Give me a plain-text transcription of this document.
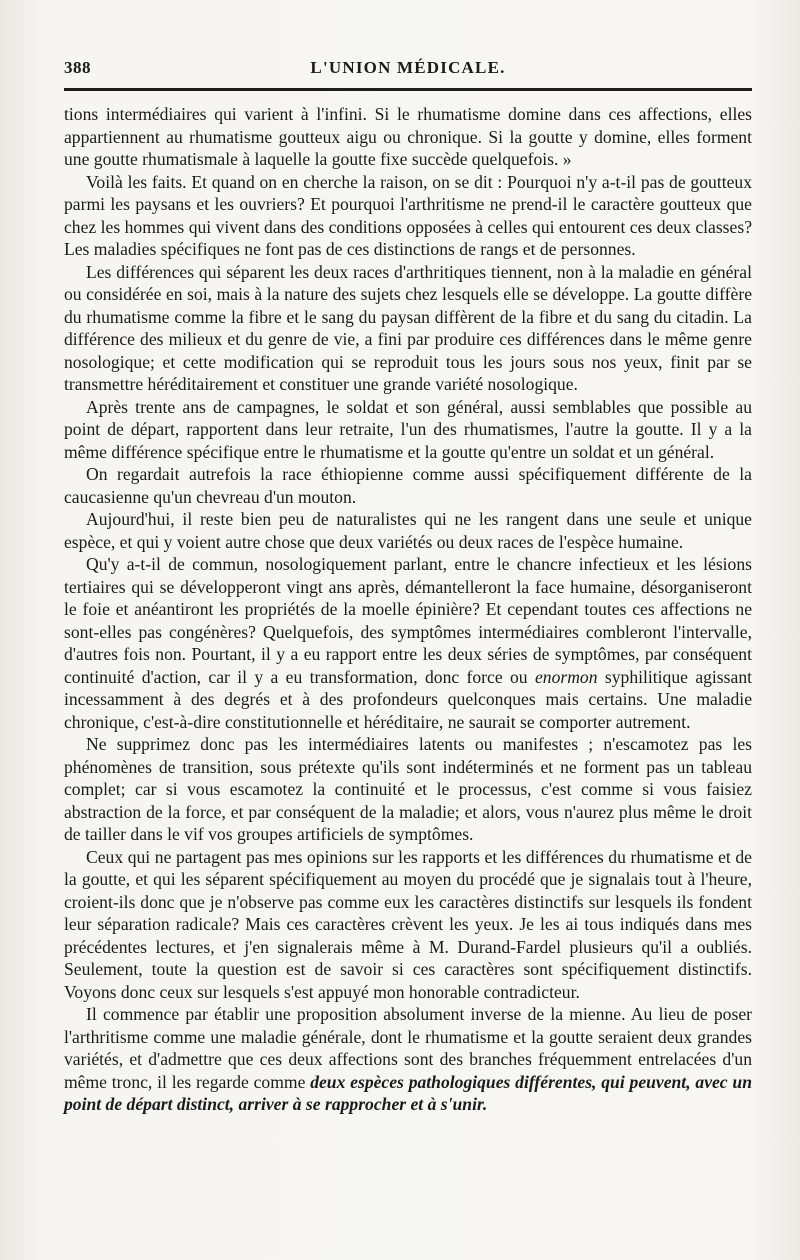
388	L'UNION MÉDICALE.

tions intermédiaires qui varient à l'infini. Si le rhumatisme domine dans ces affections, elles appartiennent au rhumatisme goutteux aigu ou chronique. Si la goutte y domine, elles forment une goutte rhumatismale à laquelle la goutte fixe succède quelquefois. »

Voilà les faits. Et quand on en cherche la raison, on se dit : Pourquoi n'y a-t-il pas de goutteux parmi les paysans et les ouvriers? Et pourquoi l'arthritisme ne prend-il le caractère goutteux que chez les hommes qui vivent dans des conditions opposées à celles qui entourent ces deux classes? Les maladies spécifiques ne font pas de ces distinctions de rangs et de personnes.

Les différences qui séparent les deux races d'arthritiques tiennent, non à la maladie en général ou considérée en soi, mais à la nature des sujets chez lesquels elle se développe. La goutte diffère du rhumatisme comme la fibre et le sang du paysan diffèrent de la fibre et du sang du citadin. La différence des milieux et du genre de vie, a fini par produire ces différences dans le même genre nosologique; et cette modification qui se reproduit tous les jours sous nos yeux, finit par se transmettre héréditairement et constituer une grande variété nosologique.

Après trente ans de campagnes, le soldat et son général, aussi semblables que possible au point de départ, rapportent dans leur retraite, l'un des rhumatismes, l'autre la goutte. Il y a la même différence spécifique entre le rhumatisme et la goutte qu'entre un soldat et un général.

On regardait autrefois la race éthiopienne comme aussi spécifiquement différente de la caucasienne qu'un chevreau d'un mouton.

Aujourd'hui, il reste bien peu de naturalistes qui ne les rangent dans une seule et unique espèce, et qui y voient autre chose que deux variétés ou deux races de l'espèce humaine.

Qu'y a-t-il de commun, nosologiquement parlant, entre le chancre infectieux et les lésions tertiaires qui se développeront vingt ans après, démantelleront la face humaine, désorganiseront le foie et anéantiront les propriétés de la moelle épinière? Et cependant toutes ces affections ne sont-elles pas congénères? Quelquefois, des symptômes intermédiaires combleront l'intervalle, d'autres fois non. Pourtant, il y a eu rapport entre les deux séries de symptômes, par conséquent continuité d'action, car il y a eu transformation, donc force ou enormon syphilitique agissant incessamment à des degrés et à des profondeurs quelconques mais certains. Une maladie chronique, c'est-à-dire constitutionnelle et héréditaire, ne saurait se comporter autrement.

Ne supprimez donc pas les intermédiaires latents ou manifestes ; n'escamotez pas les phénomènes de transition, sous prétexte qu'ils sont indéterminés et ne forment pas un tableau complet; car si vous escamotez la continuité et le processus, c'est comme si vous faisiez abstraction de la force, et par conséquent de la maladie; et alors, vous n'aurez plus même le droit de tailler dans le vif vos groupes artificiels de symptômes.

Ceux qui ne partagent pas mes opinions sur les rapports et les différences du rhumatisme et de la goutte, et qui les séparent spécifiquement au moyen du procédé que je signalais tout à l'heure, croient-ils donc que je n'observe pas comme eux les caractères distinctifs sur lesquels ils fondent leur séparation radicale? Mais ces caractères crèvent les yeux. Je les ai tous indiqués dans mes précédentes lectures, et j'en signalerais même à M. Durand-Fardel plusieurs qu'il a oubliés. Seulement, toute la question est de savoir si ces caractères sont spécifiquement distinctifs. Voyons donc ceux sur lesquels s'est appuyé mon honorable contradicteur.

Il commence par établir une proposition absolument inverse de la mienne. Au lieu de poser l'arthritisme comme une maladie générale, dont le rhumatisme et la goutte seraient deux grandes variétés, et d'admettre que ces deux affections sont des branches fréquemment entrelacées d'un même tronc, il les regarde comme deux espèces pathologiques différentes, qui peuvent, avec un point de départ distinct, arriver à se rapprocher et à s'unir.
